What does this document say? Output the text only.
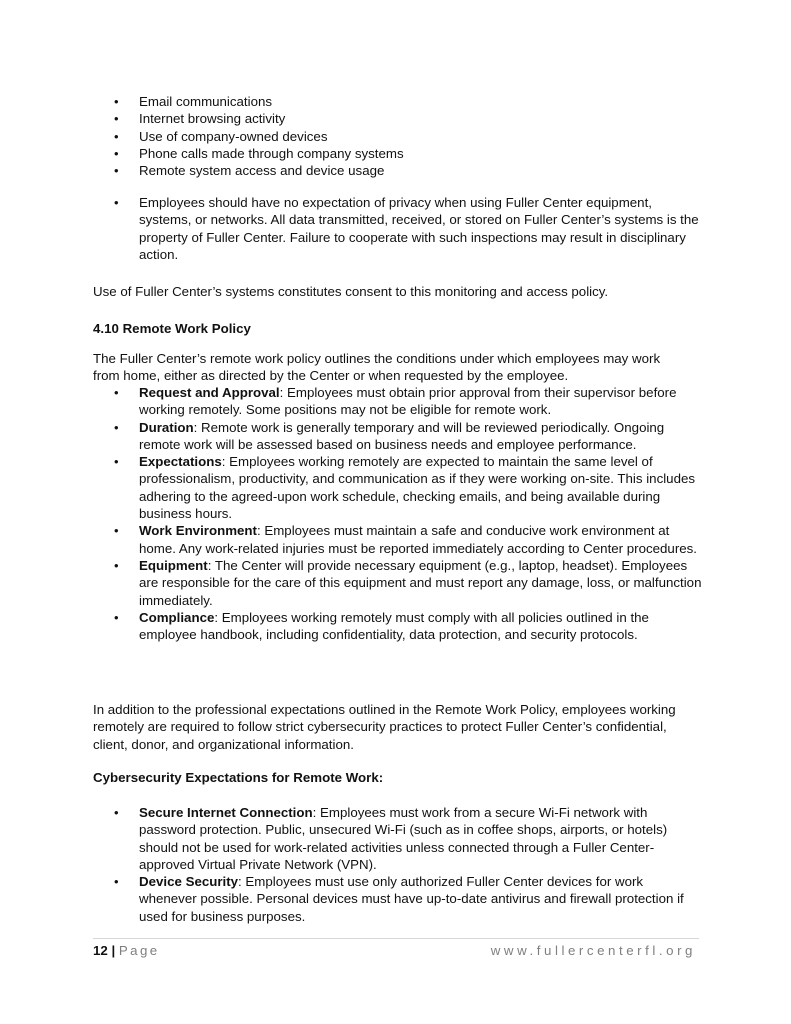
• Email communications
• Internet browsing activity
• Use of company-owned devices
• Phone calls made through company systems
• Remote system access and device usage
• Employees should have no expectation of privacy when using Fuller Center equipment, systems, or networks. All data transmitted, received, or stored on Fuller Center’s systems is the property of Fuller Center. Failure to cooperate with such inspections may result in disciplinary action.

Use of Fuller Center’s systems constitutes consent to this monitoring and access policy.

4.10 Remote Work Policy

The Fuller Center’s remote work policy outlines the conditions under which employees may work from home, either as directed by the Center or when requested by the employee.

• Request and Approval: Employees must obtain prior approval from their supervisor before working remotely. Some positions may not be eligible for remote work.
• Duration: Remote work is generally temporary and will be reviewed periodically. Ongoing remote work will be assessed based on business needs and employee performance.
• Expectations: Employees working remotely are expected to maintain the same level of professionalism, productivity, and communication as if they were working on-site. This includes adhering to the agreed-upon work schedule, checking emails, and being available during business hours.
• Work Environment: Employees must maintain a safe and conducive work environment at home. Any work-related injuries must be reported immediately according to Center procedures.
• Equipment: The Center will provide necessary equipment (e.g., laptop, headset). Employees are responsible for the care of this equipment and must report any damage, loss, or malfunction immediately.
• Compliance: Employees working remotely must comply with all policies outlined in the employee handbook, including confidentiality, data protection, and security protocols.

In addition to the professional expectations outlined in the Remote Work Policy, employees working remotely are required to follow strict cybersecurity practices to protect Fuller Center’s confidential, client, donor, and organizational information.

Cybersecurity Expectations for Remote Work:

• Secure Internet Connection: Employees must work from a secure Wi-Fi network with password protection. Public, unsecured Wi-Fi (such as in coffee shops, airports, or hotels) should not be used for work-related activities unless connected through a Fuller Center-approved Virtual Private Network (VPN).
• Device Security: Employees must use only authorized Fuller Center devices for work whenever possible. Personal devices must have up-to-date antivirus and firewall protection if used for business purposes.
12 | Page	www.fullercenterfl.org
